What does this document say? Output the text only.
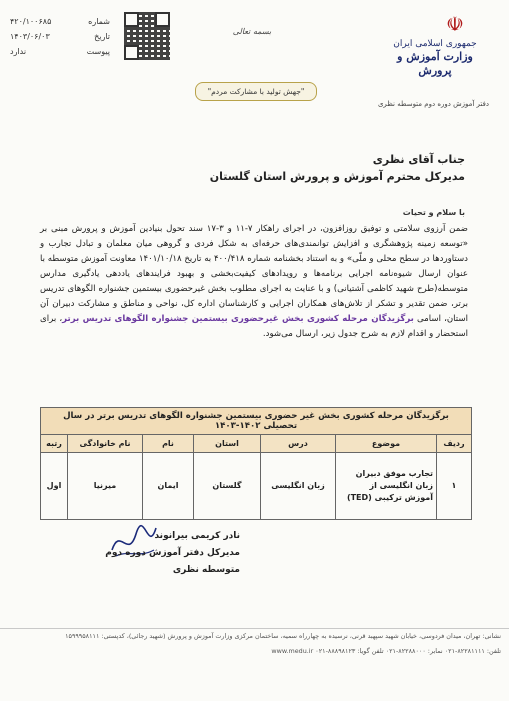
۴۲۰/۱۰۰۶۸۵	شماره
۱۴۰۳/۰۶/۰۳	تاریخ
ندارد	پیوست
بسمه تعالی	☫
جمهوری اسلامی ایران
وزارت آموزش و پرورش
"جهش تولید با مشارکت مردم"
دفتر آموزش دوره دوم متوسطه نظری
جناب آقای نظری
مدیرکل محترم آموزش و پرورش استان گلستان
با سلام و تحیات
ضمن آرزوی سلامتی و توفیق روزافزون، در اجرای راهکار ۷-۱۱ و ۳-۱۷ سند تحول بنیادین آموزش و پرورش مبنی بر «توسعه زمینه پژوهشگری و افزایش توانمندی‌های حرفه‌ای به شکل فردی و گروهی میان معلمان و تبادل تجارب و دستاوردها در سطح محلی و ملّی» و به استناد بخشنامه شماره ۴۰۰/۴۱۸ به تاریخ ۱۴۰۱/۱۰/۱۸ معاونت آموزش متوسطه با عنوان ارسال شیوه‌نامه اجرایی برنامه‌ها و رویدادهای کیفیت‌بخشی و بهبود فرایندهای یاددهی یادگیری مدارس متوسطه(طرح شهید کاظمی آشتیانی) و با عنایت به اجرای مطلوب بخش غیرحضوری بیستمین جشنواره الگوهای تدریس برتر، ضمن تقدیر و تشکر از تلاش‌های همکاران اجرایی و کارشناسان اداره کل، نواحی و مناطق و مشارکت دبیران آن استان، اسامی برگزیدگان مرحله کشوری بخش غیرحضوری بیستمین جشنواره الگوهای تدریس برتر، برای استحضار و اقدام لازم به شرح جدول زیر، ارسال می‌شود.
برگزیدگان مرحله کشوری بخش غیر حضوری بیستمین جشنواره الگوهای تدریس برتر در سال تحصیلی ۱۴۰۲-۱۴۰۳
ردیف	موضوع	درس	استان	نام	نام خانوادگی	رتبه
۱	تجارب موفق دبیران زبان انگلیسی از آموزش ترکیبی (TED)	زبان انگلیسی	گلستان	ایمان	میرنیا	اول
نادر کریمی بیرانوند
مدیرکل دفتر آموزش دوره دوم
متوسطه نظری
نشانی: تهران، میدان فردوسی، خیابان شهید سپهبد قرنی، نرسیده به چهارراه سمیه، ساختمان مرکزی وزارت آموزش و پرورش (شهید رجائی)، کدپستی: ۱۵۹۹۹۵۸۱۱۱
تلفن: ۸۲۲۸۱۱۱۱-۰۲۱ نمابر: ۸۲۲۸۸۰۰۰-۰۲۱ تلفن گویا: ۸۸۸۹۸۱۲۳-۰۲۱ www.medu.ir
